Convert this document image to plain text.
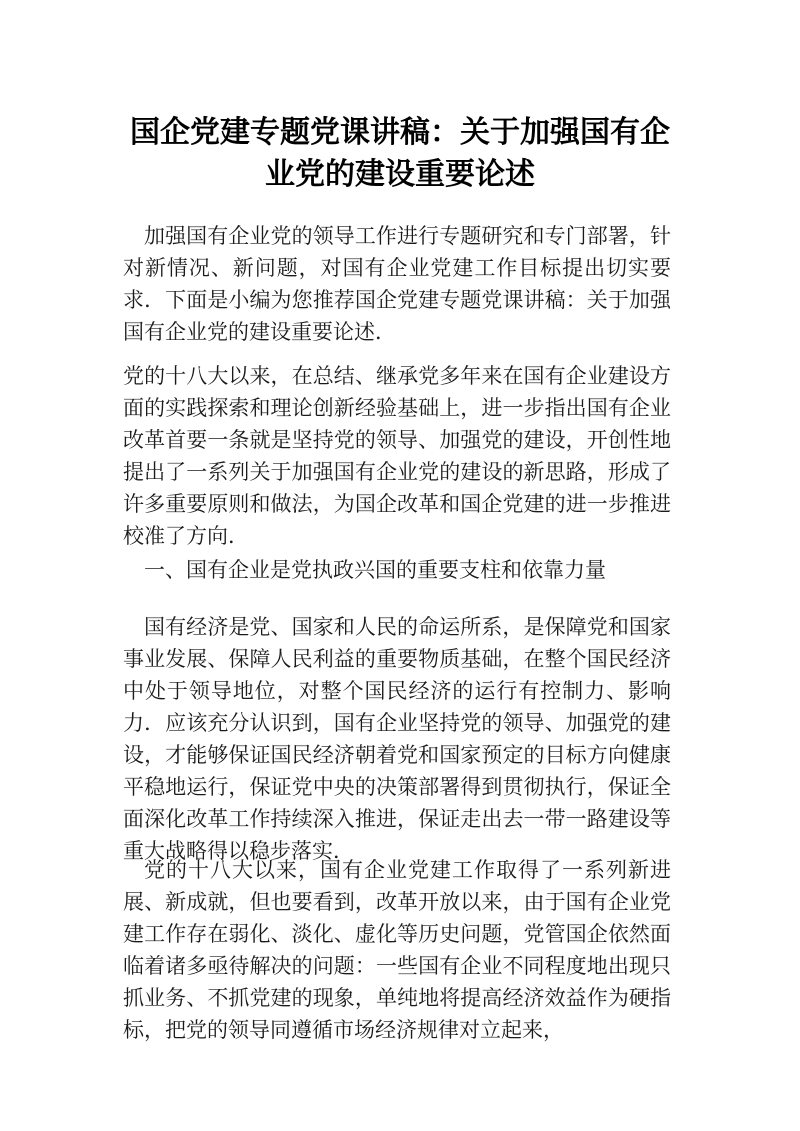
国企党建专题党课讲稿：关于加强国有企
业党的建设重要论述

加强国有企业党的领导工作进行专题研究和专门部署，针对新情况、新问题，对国有企业党建工作目标提出切实要求．下面是小编为您推荐国企党建专题党课讲稿：关于加强国有企业党的建设重要论述．

党的十八大以来，在总结、继承党多年来在国有企业建设方面的实践探索和理论创新经验基础上，进一步指出国有企业改革首要一条就是坚持党的领导、加强党的建设，开创性地提出了一系列关于加强国有企业党的建设的新思路，形成了许多重要原则和做法，为国企改革和国企党建的进一步推进校准了方向．

一、国有企业是党执政兴国的重要支柱和依靠力量

国有经济是党、国家和人民的命运所系，是保障党和国家事业发展、保障人民利益的重要物质基础，在整个国民经济中处于领导地位，对整个国民经济的运行有控制力、影响力．应该充分认识到，国有企业坚持党的领导、加强党的建设，才能够保证国民经济朝着党和国家预定的目标方向健康平稳地运行，保证党中央的决策部署得到贯彻执行，保证全面深化改革工作持续深入推进，保证走出去一带一路建设等重大战略得以稳步落实．

党的十八大以来，国有企业党建工作取得了一系列新进展、新成就，但也要看到，改革开放以来，由于国有企业党建工作存在弱化、淡化、虚化等历史问题，党管国企依然面临着诸多亟待解决的问题：一些国有企业不同程度地出现只抓业务、不抓党建的现象，单纯地将提高经济效益作为硬指标，把党的领导同遵循市场经济规律对立起来，
